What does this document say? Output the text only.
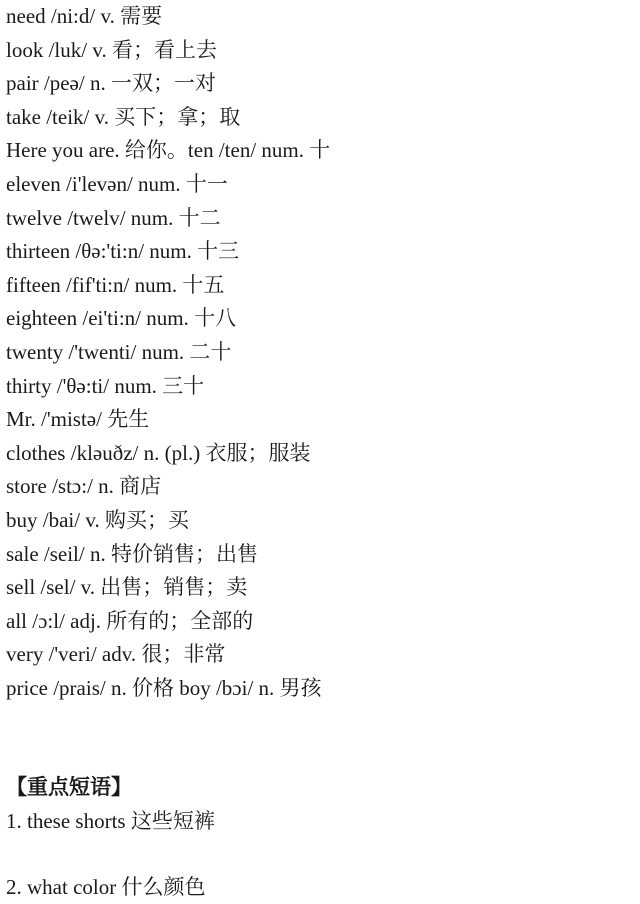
need /ni:d/ v. 需要
look /luk/ v. 看；看上去
pair /peə/ n. 一双；一对
take /teik/ v. 买下；拿；取
Here you are. 给你。ten /ten/ num. 十
eleven /i'levən/ num. 十一
twelve /twelv/ num. 十二
thirteen /θə:'ti:n/ num. 十三
fifteen /fif'ti:n/ num. 十五
eighteen /ei'ti:n/ num. 十八
twenty /'twenti/ num. 二十
thirty /'θə:ti/ num. 三十
Mr. /'mistə/ 先生
clothes /kləuðz/ n. (pl.) 衣服；服装
store /stɔ:/ n. 商店
buy /bai/ v. 购买；买
sale /seil/ n. 特价销售；出售
sell /sel/ v. 出售；销售；卖
all /ɔ:l/ adj. 所有的；全部的
very /'veri/ adv. 很；非常
price /prais/ n. 价格 boy /bɔi/ n. 男孩
【重点短语】
1. these shorts 这些短裤
2. what color 什么颜色
